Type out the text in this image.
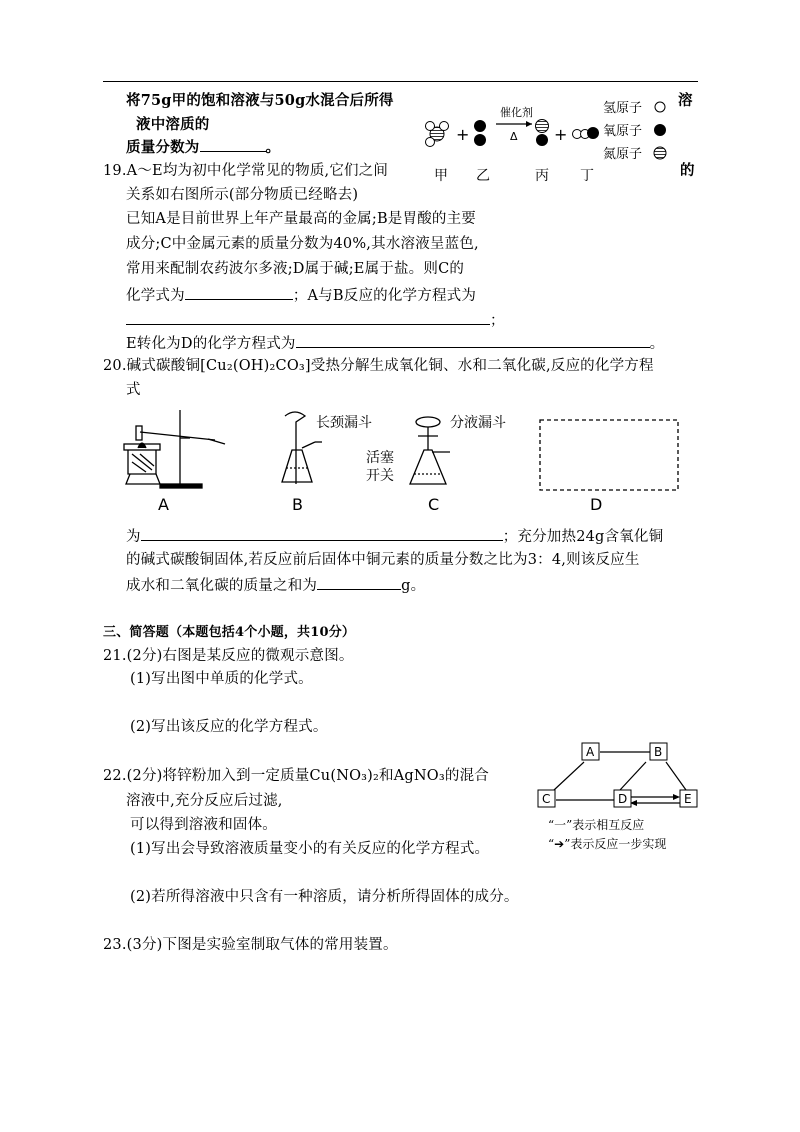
将75g甲的饱和溶液与50g水混合后所得	溶
液中溶质的
质量分数为	。
的
+
催化剂
Δ +
氢原子
氧原子
氮原子
甲 乙	丙 丁
19.A～E均为初中化学常见的物质,它们之间
关系如右图所示(部分物质已经略去)
已知A是目前世界上年产量最高的金属;B是胃酸的主要
成分;C中金属元素的质量分数为40%,其水溶液呈蓝色,
常用来配制农药波尔多液;D属于碱;E属于盐。则C的
化学式为	；A与B反应的化学方程式为
；
E转化为D的化学方程式为	。
20.碱式碳酸铜[Cu₂(OH)₂CO₃]受热分解生成氧化铜、水和二氧化碳,反应的化学方程
式
长颈漏斗	分液漏斗
活塞
开关
A	B	C	D
为	；充分加热24g含氧化铜
的碱式碳酸铜固体,若反应前后固体中铜元素的质量分数之比为3：4,则该反应生
成水和二氧化碳的质量之和为	g。
三、简答题（本题包括4个小题，共10分）
21.(2分)右图是某反应的微观示意图。
(1)写出图中单质的化学式。
(2)写出该反应的化学方程式。
22.(2分)将锌粉加入到一定质量Cu(NO₃)₂和AgNO₃的混合
溶液中,充分反应后过滤,
可以得到溶液和固体。
(1)写出会导致溶液质量变小的有关反应的化学方程式。
(2)若所得溶液中只含有一种溶质，请分析所得固体的成分。
A	B
C	D	E
“一”表示相互反应
“➔”表示反应一步实现
23.(3分)下图是实验室制取气体的常用装置。
